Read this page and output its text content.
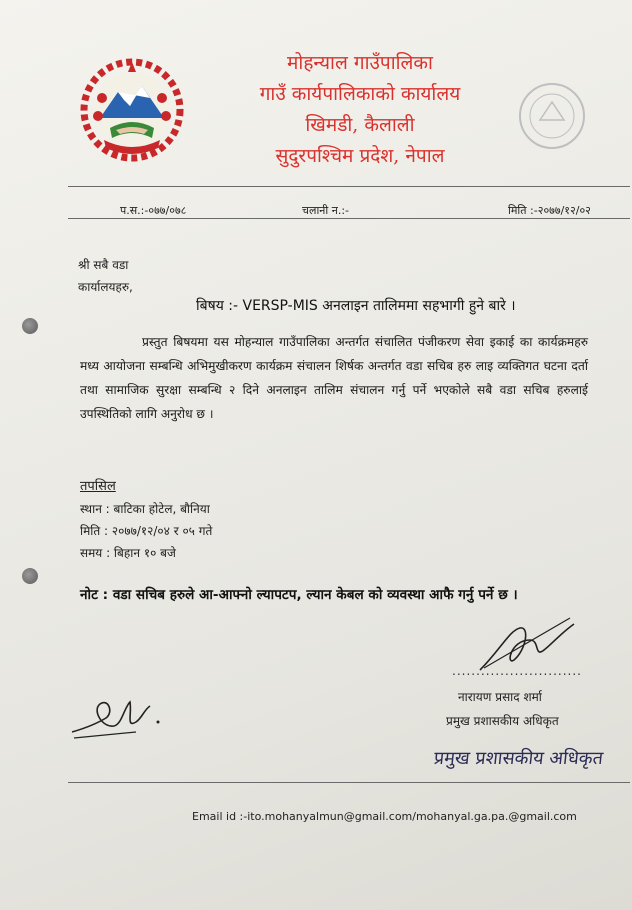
मोहन्याल गाउँपालिका
गाउँ कार्यपालिकाको कार्यालय
खिमडी, कैलाली
सुदुरपश्चिम प्रदेश, नेपाल
प.स.:-०७७/०७८	चलानी न.:-	मिति :-२०७७/१२/०२
श्री सबै वडा
कार्यालयहरु,
बिषय :- VERSP-MIS अनलाइन तालिममा सहभागी हुने बारे ।
प्रस्तुत बिषयमा यस मोहन्याल गाउँपालिका अन्तर्गत संचालित पंजीकरण सेवा इकाई का कार्यक्रमहरु मध्य आयोजना सम्बन्धि अभिमुखीकरण कार्यक्रम संचालन शिर्षक अन्तर्गत वडा सचिब हरु लाइ व्यक्तिगत घटना दर्ता तथा सामाजिक सुरक्षा सम्बन्धि २ दिने अनलाइन तालिम संचालन गर्नु पर्ने भएकोले सबै वडा सचिब हरुलाई उपस्थितिको लागि अनुरोध छ ।
तपसिल
स्थान : बाटिका होटेल, बौनिया
मिति : २०७७/१२/०४ र ०५ गते
समय : बिहान १० बजे
नोट : वडा सचिब हरुले आ-आफ्नो ल्यापटप, ल्यान केबल को व्यवस्था आफै गर्नु पर्ने छ ।
...........................
नारायण प्रसाद शर्मा
प्रमुख प्रशासकीय अधिकृत
प्रमुख प्रशासकीय अधिकृत
Email id :-ito.mohanyalmun@gmail.com/mohanyal.ga.pa.@gmail.com
